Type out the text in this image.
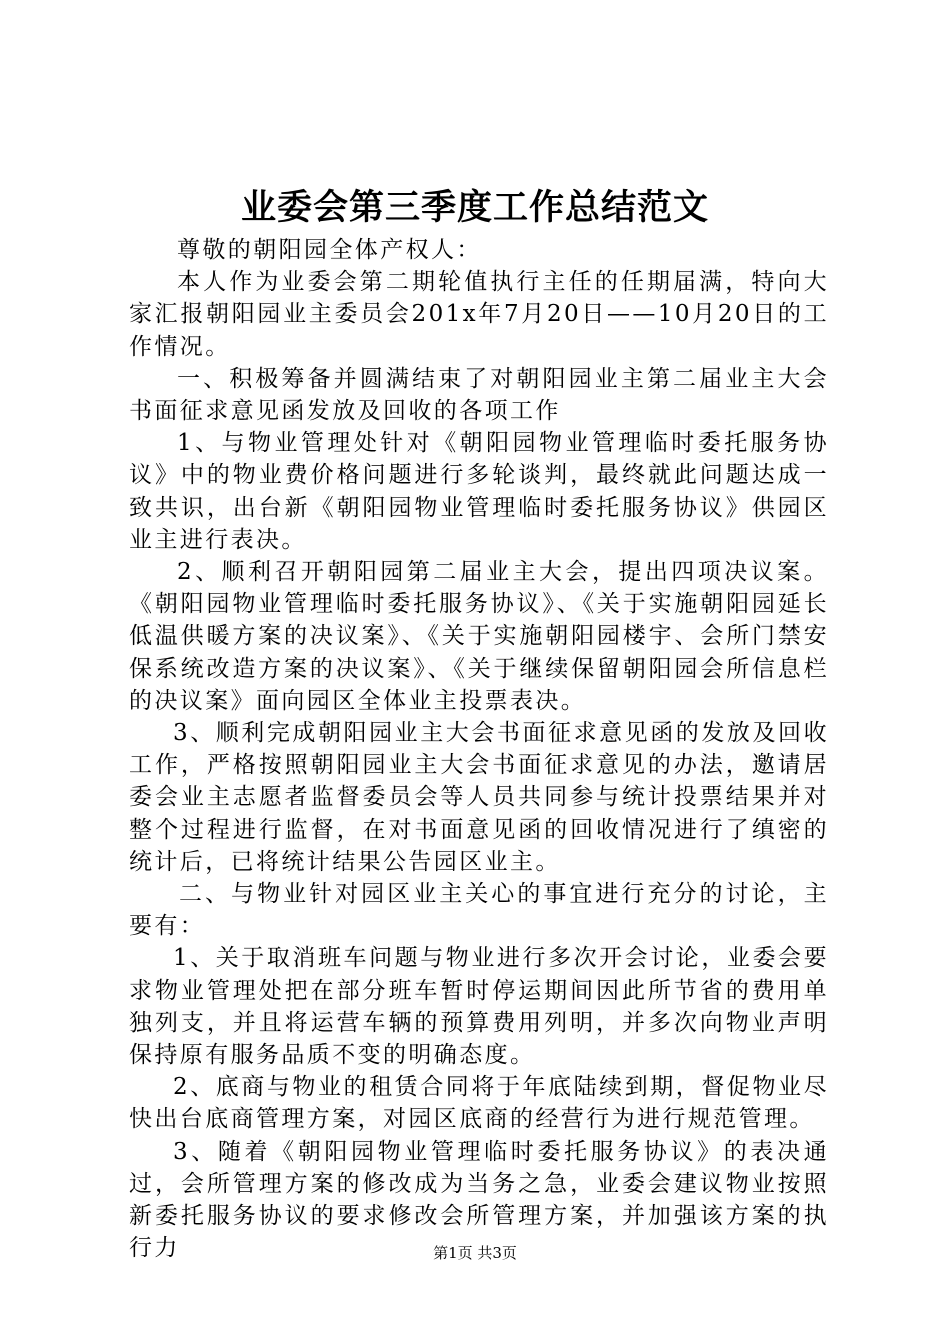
业委会第三季度工作总结范文

尊敬的朝阳园全体产权人：

本人作为业委会第二期轮值执行主任的任期届满，特向大家汇报朝阳园业主委员会201x年7月20日——10月20日的工作情况。

一、积极筹备并圆满结束了对朝阳园业主第二届业主大会书面征求意见函发放及回收的各项工作

1、与物业管理处针对《朝阳园物业管理临时委托服务协议》中的物业费价格问题进行多轮谈判，最终就此问题达成一致共识，出台新《朝阳园物业管理临时委托服务协议》供园区业主进行表决。

2、顺利召开朝阳园第二届业主大会，提出四项决议案。《朝阳园物业管理临时委托服务协议》、《关于实施朝阳园延长低温供暖方案的决议案》、《关于实施朝阳园楼宇、会所门禁安保系统改造方案的决议案》、《关于继续保留朝阳园会所信息栏的决议案》面向园区全体业主投票表决。

3、顺利完成朝阳园业主大会书面征求意见函的发放及回收工作，严格按照朝阳园业主大会书面征求意见的办法，邀请居委会业主志愿者监督委员会等人员共同参与统计投票结果并对整个过程进行监督，在对书面意见函的回收情况进行了缜密的统计后，已将统计结果公告园区业主。

二、与物业针对园区业主关心的事宜进行充分的讨论，主要有：

1、关于取消班车问题与物业进行多次开会讨论，业委会要求物业管理处把在部分班车暂时停运期间因此所节省的费用单独列支，并且将运营车辆的预算费用列明，并多次向物业声明保持原有服务品质不变的明确态度。

2、底商与物业的租赁合同将于年底陆续到期，督促物业尽快出台底商管理方案，对园区底商的经营行为进行规范管理。

3、随着《朝阳园物业管理临时委托服务协议》的表决通过，会所管理方案的修改成为当务之急，业委会建议物业按照新委托服务协议的要求修改会所管理方案，并加强该方案的执行力	第1页 共3页
